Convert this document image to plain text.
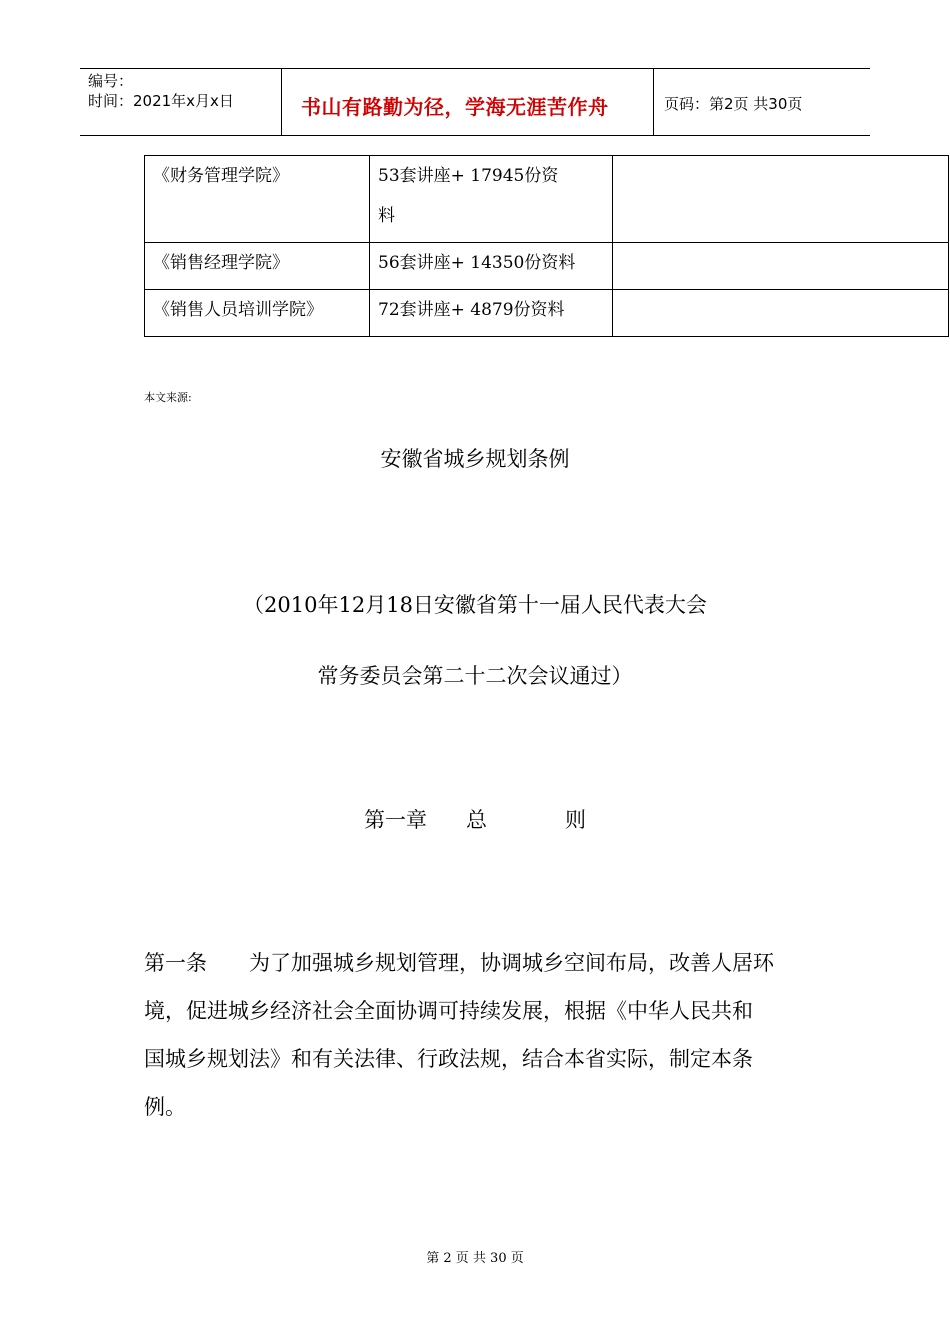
编号：
时间：2021年x月x日	书山有路勤为径，学海无涯苦作舟	页码：第2页 共30页
《财务管理学院》	53套讲座+ 17945份资
料	

《销售经理学院》	56套讲座+ 14350份资料	
《销售人员培训学院》	72套讲座+ 4879份资料	
本文来源:
安徽省城乡规划条例
（2010年12月18日安徽省第十一届人民代表大会
常务委员会第二十二次会议通过）
第一章 总	则
第一条 为了加强城乡规划管理，协调城乡空间布局，改善人居环
境，促进城乡经济社会全面协调可持续发展，根据《中华人民共和
国城乡规划法》和有关法律、行政法规，结合本省实际，制定本条
例。
第 2 页 共 30 页
